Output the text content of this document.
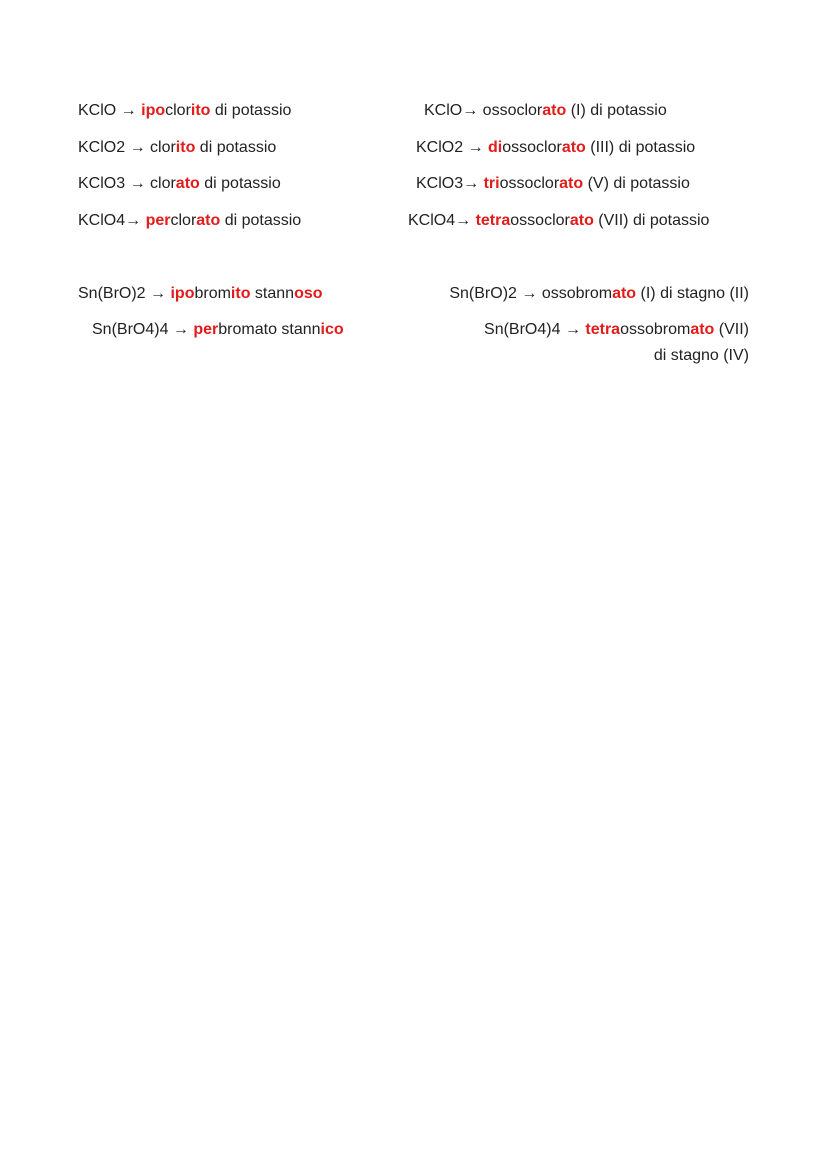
KClO → ipoclorito di potassio
KClO2 → clorito di potassio
KClO3 → clorato di potassio
KClO4→ perclorato di potassio
KClO→ ossoclorato (I) di potassio
KClO2 → diossoclorato (III) di potassio
KClO3→ triossoclorato (V) di potassio
KClO4→ tetraossoclorato (VII) di potassio
Sn(BrO)2 → ipobromito stannoso
Sn(BrO4)4 → perbromato stannico
Sn(BrO)2 → ossobromato (I) di stagno (II)
Sn(BrO4)4 → tetraossobromato (VII)
di stagno (IV)
